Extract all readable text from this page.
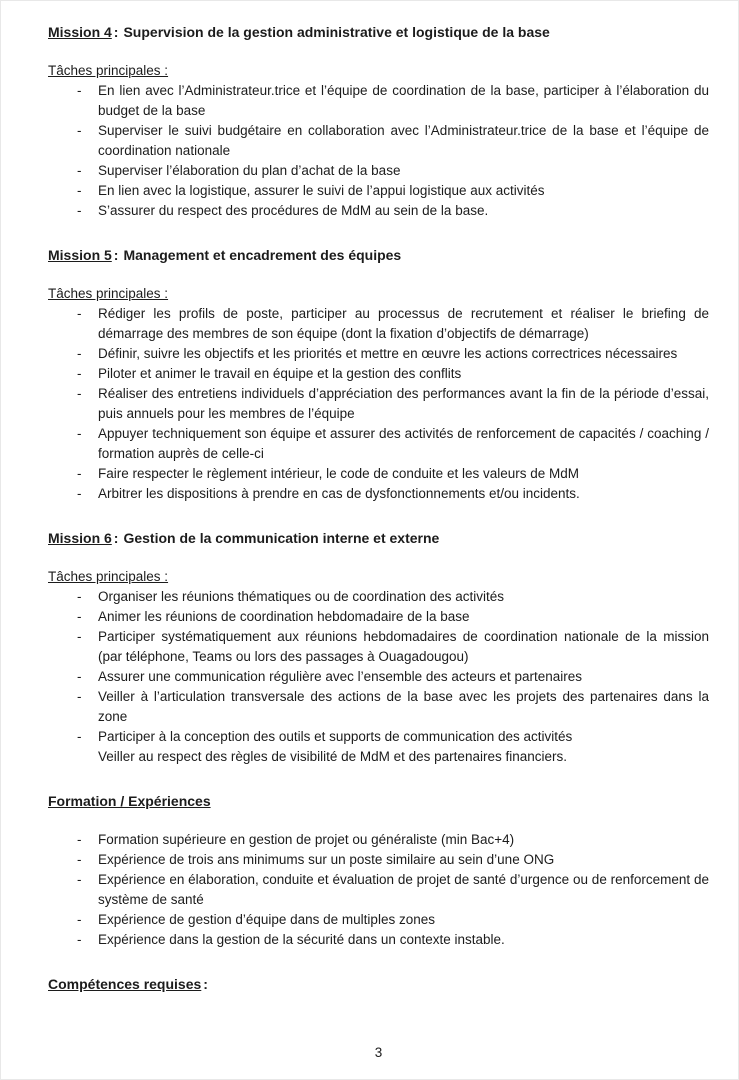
Mission 4 : Supervision de la gestion administrative et logistique de la base

Tâches principales :

- En lien avec l’Administrateur.trice et l’équipe de coordination de la base, participer à l’élaboration du budget de la base
- Superviser le suivi budgétaire en collaboration avec l’Administrateur.trice de la base et l’équipe de coordination nationale
- Superviser l’élaboration du plan d’achat de la base
- En lien avec la logistique, assurer le suivi de l’appui logistique aux activités
- S’assurer du respect des procédures de MdM au sein de la base.
Mission 5 : Management et encadrement des équipes

Tâches principales :

- Rédiger les profils de poste, participer au processus de recrutement et réaliser le briefing de démarrage des membres de son équipe (dont la fixation d’objectifs de démarrage)
- Définir, suivre les objectifs et les priorités et mettre en œuvre les actions correctrices nécessaires
- Piloter et animer le travail en équipe et la gestion des conflits
- Réaliser des entretiens individuels d’appréciation des performances avant la fin de la période d’essai, puis annuels pour les membres de l’équipe
- Appuyer techniquement son équipe et assurer des activités de renforcement de capacités / coaching / formation auprès de celle-ci
- Faire respecter le règlement intérieur, le code de conduite et les valeurs de MdM
- Arbitrer les dispositions à prendre en cas de dysfonctionnements et/ou incidents.
Mission 6 : Gestion de la communication interne et externe

Tâches principales :

- Organiser les réunions thématiques ou de coordination des activités
- Animer les réunions de coordination hebdomadaire de la base
- Participer systématiquement aux réunions hebdomadaires de coordination nationale de la mission (par téléphone, Teams ou lors des passages à Ouagadougou)
- Assurer une communication régulière avec l’ensemble des acteurs et partenaires
- Veiller à l’articulation transversale des actions de la base avec les projets des partenaires dans la zone
- Participer à la conception des outils et supports de communication des activités
Veiller au respect des règles de visibilité de MdM et des partenaires financiers.
Formation / Expériences
- Formation supérieure en gestion de projet ou généraliste (min Bac+4)
- Expérience de trois ans minimums sur un poste similaire au sein d’une ONG
- Expérience en élaboration, conduite et évaluation de projet de santé d’urgence ou de renforcement de système de santé
- Expérience de gestion d’équipe dans de multiples zones
- Expérience dans la gestion de la sécurité dans un contexte instable.
Compétences requises :
3
